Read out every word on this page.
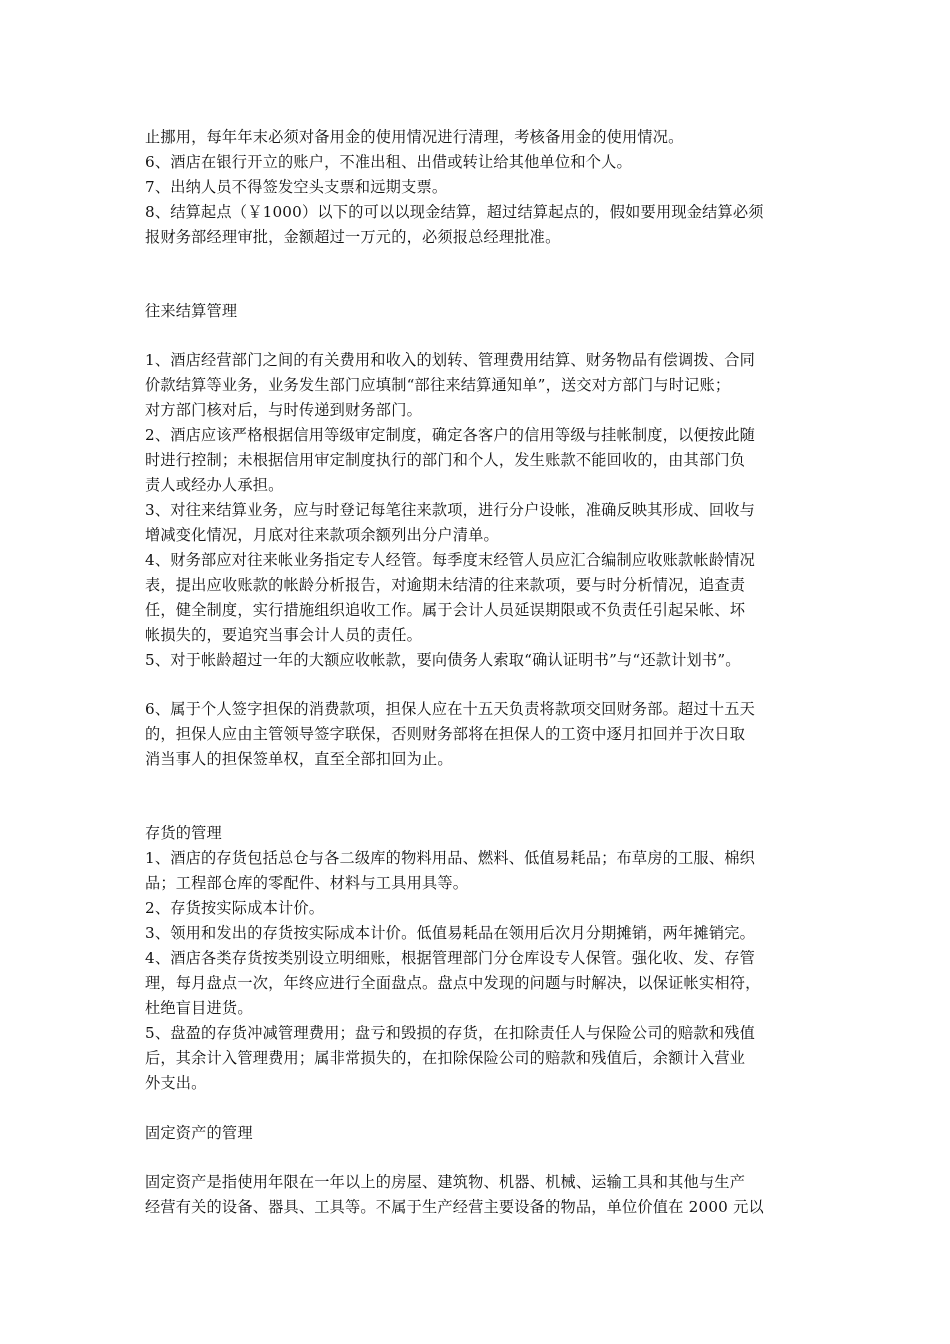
止挪用，每年年末必须对备用金的使用情况进行清理，考核备用金的使用情况。
6、酒店在银行开立的账户，不准出租、出借或转让给其他单位和个人。
7、出纳人员不得签发空头支票和远期支票。
8、结算起点（￥1000）以下的可以以现金结算，超过结算起点的，假如要用现金结算必须
报财务部经理审批，金额超过一万元的，必须报总经理批准。
往来结算管理
1、酒店经营部门之间的有关费用和收入的划转、管理费用结算、财务物品有偿调拨、合同
价款结算等业务，业务发生部门应填制“部往来结算通知单”，送交对方部门与时记账；
对方部门核对后，与时传递到财务部门。
2、酒店应该严格根据信用等级审定制度，确定各客户的信用等级与挂帐制度，以便按此随
时进行控制；未根据信用审定制度执行的部门和个人，发生账款不能回收的，由其部门负
责人或经办人承担。
3、对往来结算业务，应与时登记每笔往来款项，进行分户设帐，准确反映其形成、回收与
增减变化情况，月底对往来款项余额列出分户清单。
4、财务部应对往来帐业务指定专人经管。每季度末经管人员应汇合编制应收账款帐龄情况
表，提出应收账款的帐龄分析报告，对逾期未结清的往来款项，要与时分析情况，追查责
任，健全制度，实行措施组织追收工作。属于会计人员延误期限或不负责任引起呆帐、坏
帐损失的，要追究当事会计人员的责任。
5、对于帐龄超过一年的大额应收帐款，要向债务人索取“确认证明书”与“还款计划书”。
6、属于个人签字担保的消费款项，担保人应在十五天负责将款项交回财务部。超过十五天
的，担保人应由主管领导签字联保，否则财务部将在担保人的工资中逐月扣回并于次日取
消当事人的担保签单权，直至全部扣回为止。
存货的管理
1、酒店的存货包括总仓与各二级库的物料用品、燃料、低值易耗品；布草房的工服、棉织
品；工程部仓库的零配件、材料与工具用具等。
2、存货按实际成本计价。
3、领用和发出的存货按实际成本计价。低值易耗品在领用后次月分期摊销，两年摊销完。
4、酒店各类存货按类别设立明细账，根据管理部门分仓库设专人保管。强化收、发、存管
理，每月盘点一次，年终应进行全面盘点。盘点中发现的问题与时解决，以保证帐实相符，
杜绝盲目进货。
5、盘盈的存货冲减管理费用；盘亏和毁损的存货，在扣除责任人与保险公司的赔款和残值
后，其余计入管理费用；属非常损失的，在扣除保险公司的赔款和残值后，余额计入营业
外支出。
固定资产的管理
固定资产是指使用年限在一年以上的房屋、建筑物、机器、机械、运输工具和其他与生产
经营有关的设备、器具、工具等。不属于生产经营主要设备的物品，单位价值在 2000 元以
